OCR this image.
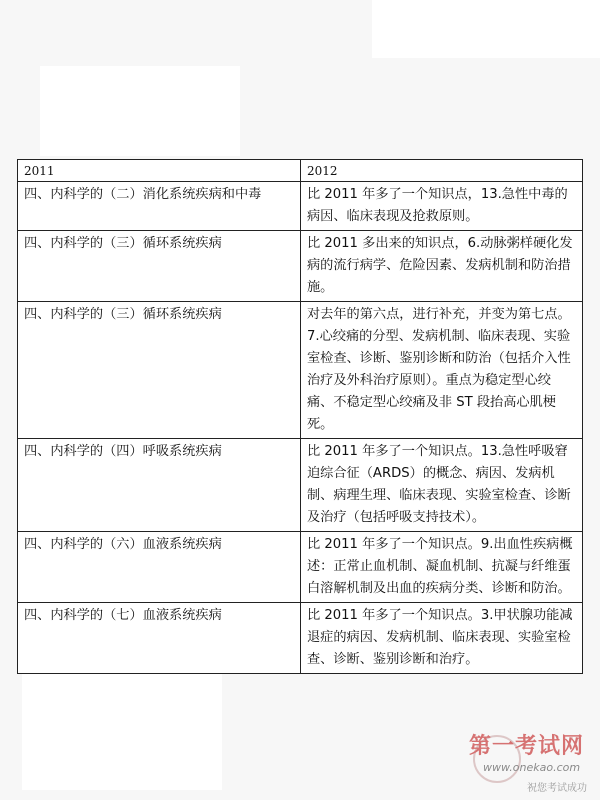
2011	2012
四、内科学的（二）消化系统疾病和中毒	比 2011 年多了一个知识点，13.急性中毒的病因、临床表现及抢救原则。
四、内科学的（三）循环系统疾病	比 2011 多出来的知识点，6.动脉粥样硬化发病的流行病学、危险因素、发病机制和防治措施。
四、内科学的（三）循环系统疾病	对去年的第六点，进行补充，并变为第七点。7.心绞痛的分型、发病机制、临床表现、实验室检查、诊断、鉴别诊断和防治（包括介入性治疗及外科治疗原则）。重点为稳定型心绞痛、不稳定型心绞痛及非 ST 段抬高心肌梗死。
四、内科学的（四）呼吸系统疾病	比 2011 年多了一个知识点。13.急性呼吸窘迫综合征（ARDS）的概念、病因、发病机制、病理生理、临床表现、实验室检查、诊断及治疗（包括呼吸支持技术）。
四、内科学的（六）血液系统疾病	比 2011 年多了一个知识点。9.出血性疾病概述：正常止血机制、凝血机制、抗凝与纤维蛋白溶解机制及出血的疾病分类、诊断和防治。
四、内科学的（七）血液系统疾病	比 2011 年多了一个知识点。3.甲状腺功能减退症的病因、发病机制、临床表现、实验室检查、诊断、鉴别诊断和治疗。
第一考试网
www.onekao.com
祝您考试成功
